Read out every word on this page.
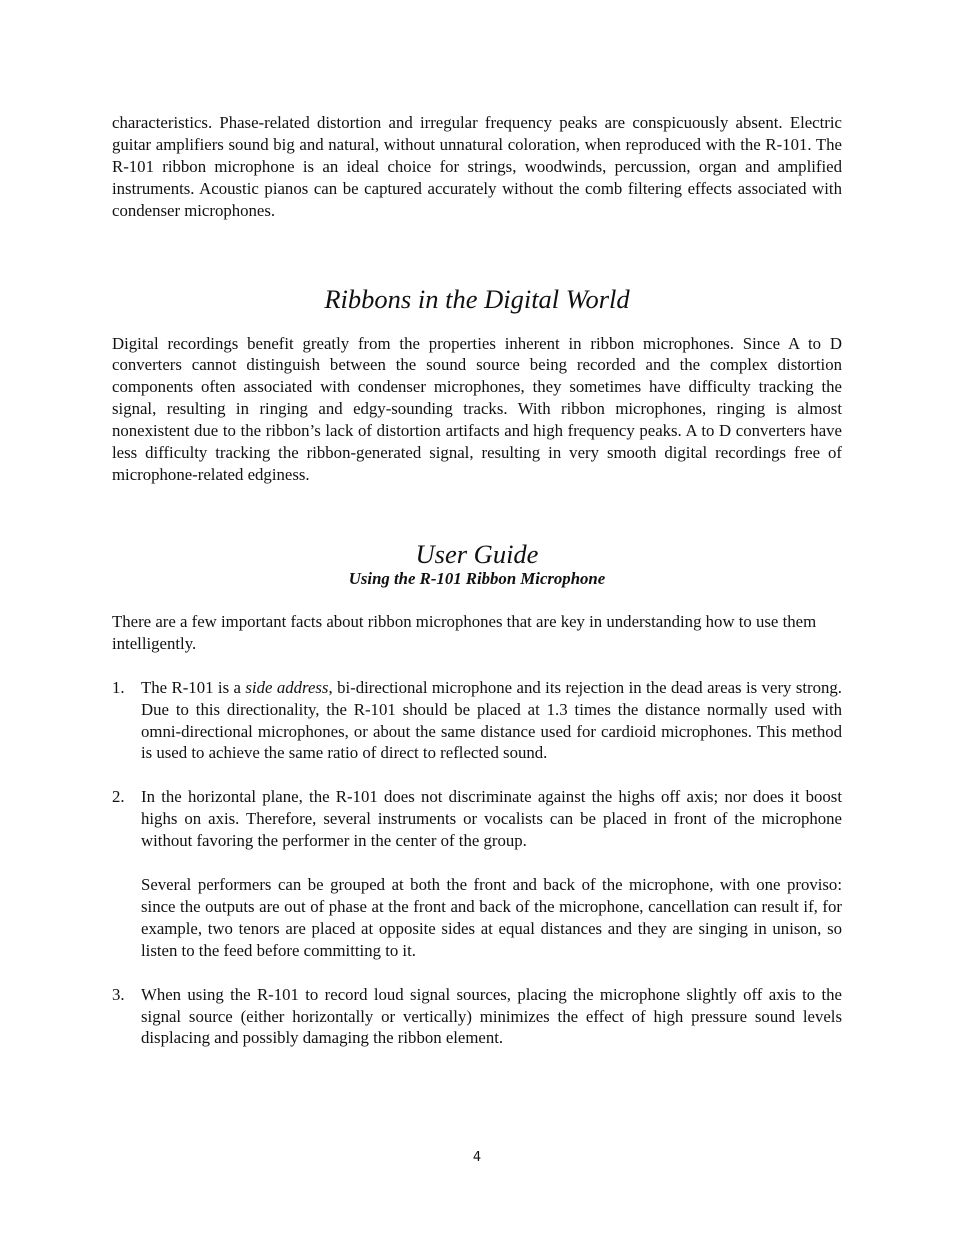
characteristics. Phase-related distortion and irregular frequency peaks are conspicuously absent. Electric guitar amplifiers sound big and natural, without unnatural coloration, when reproduced with the R-101. The R-101 ribbon microphone is an ideal choice for strings, woodwinds, percussion, organ and amplified instruments. Acoustic pianos can be captured accurately without the comb filtering effects associated with condenser microphones.

Ribbons in the Digital World

Digital recordings benefit greatly from the properties inherent in ribbon microphones. Since A to D converters cannot distinguish between the sound source being recorded and the complex distortion components often associated with condenser microphones, they sometimes have difficulty tracking the signal, resulting in ringing and edgy-sounding tracks. With ribbon microphones, ringing is almost nonexistent due to the ribbon’s lack of distortion artifacts and high frequency peaks. A to D converters have less difficulty tracking the ribbon-generated signal, resulting in very smooth digital recordings free of microphone-related edginess.

User Guide
Using the R-101 Ribbon Microphone

There are a few important facts about ribbon microphones that are key in understanding how to use them intelligently.

1. The R-101 is a side address, bi-directional microphone and its rejection in the dead areas is very strong. Due to this directionality, the R-101 should be placed at 1.3 times the distance normally used with omni-directional microphones, or about the same distance used for cardioid microphones. This method is used to achieve the same ratio of direct to reflected sound.

2. In the horizontal plane, the R-101 does not discriminate against the highs off axis; nor does it boost highs on axis. Therefore, several instruments or vocalists can be placed in front of the microphone without favoring the performer in the center of the group.

Several performers can be grouped at both the front and back of the microphone, with one proviso: since the outputs are out of phase at the front and back of the microphone, cancellation can result if, for example, two tenors are placed at opposite sides at equal distances and they are singing in unison, so listen to the feed before committing to it.

3. When using the R-101 to record loud signal sources, placing the microphone slightly off axis to the signal source (either horizontally or vertically) minimizes the effect of high pressure sound levels displacing and possibly damaging the ribbon element.

4
